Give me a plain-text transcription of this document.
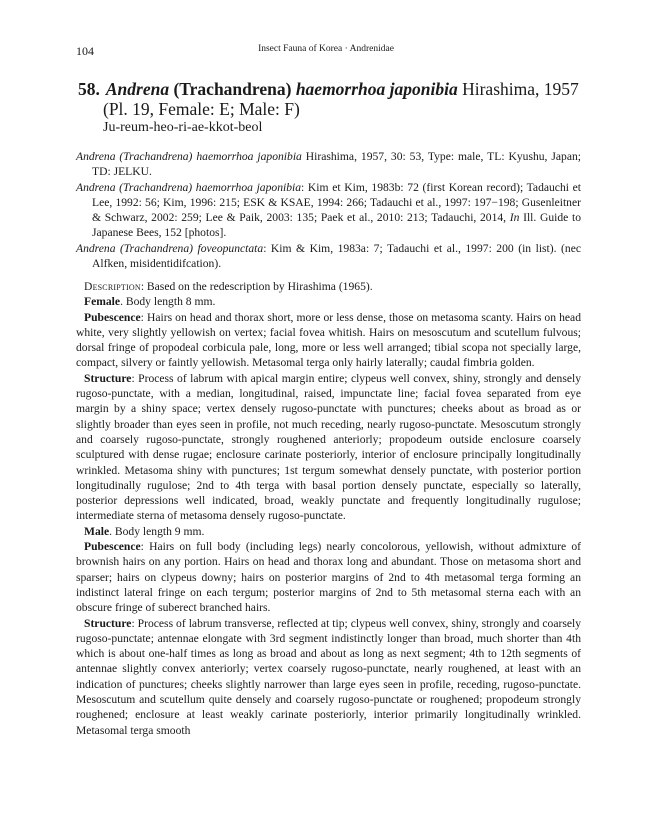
104	Insect Fauna of Korea · Andrenidae
58. Andrena (Trachandrena) haemorrhoa japonibia Hirashima, 1957
(Pl. 19, Female: E; Male: F)
Ju-reum-heo-ri-ae-kkot-beol
Andrena (Trachandrena) haemorrhoa japonibia Hirashima, 1957, 30: 53, Type: male, TL: Kyushu, Japan; TD: JELKU.
Andrena (Trachandrena) haemorrhoa japonibia: Kim et Kim, 1983b: 72 (first Korean record); Tadauchi et Lee, 1992: 56; Kim, 1996: 215; ESK & KSAE, 1994: 266; Tadauchi et al., 1997: 197−198; Gusenleitner & Schwarz, 2002: 259; Lee & Paik, 2003: 135; Paek et al., 2010: 213; Tadauchi, 2014, In Ill. Guide to Japanese Bees, 152 [photos].
Andrena (Trachandrena) foveopunctata: Kim & Kim, 1983a: 7; Tadauchi et al., 1997: 200 (in list). (nec Alfken, misidentidifcation).

Description: Based on the redescription by Hirashima (1965).

Female. Body length 8 mm.

Pubescence: Hairs on head and thorax short, more or less dense, those on metasoma scanty. Hairs on head white, very slightly yellowish on vertex; facial fovea whitish. Hairs on mesoscutum and scutellum fulvous; dorsal fringe of propodeal corbicula pale, long, more or less well arranged; tibial scopa not specially large, compact, silvery or faintly yellowish. Metasomal terga only hairly laterally; caudal fimbria golden.

Structure: Process of labrum with apical margin entire; clypeus well convex, shiny, strongly and densely rugoso-punctate, with a median, longitudinal, raised, impunctate line; facial fovea separated from eye margin by a shiny space; vertex densely rugoso-punctate with punctures; cheeks about as broad as or slightly broader than eyes seen in profile, not much receding, nearly rugoso-punctate. Mesoscutum strongly and coarsely rugoso-punctate, strongly roughened anteriorly; propodeum outside enclosure coarsely sculptured with dense rugae; enclosure carinate posteriorly, interior of enclosure principally longitudinally wrinkled. Metasoma shiny with punctures; 1st tergum somewhat densely punctate, with posterior portion longitudinally rugulose; 2nd to 4th terga with basal portion densely punctate, especially so laterally, posterior depressions well indicated, broad, weakly punctate and frequently longitudinally rugulose; intermediate sterna of metasoma densely rugoso-punctate.

Male. Body length 9 mm.

Pubescence: Hairs on full body (including legs) nearly concolorous, yellowish, without admixture of brownish hairs on any portion. Hairs on head and thorax long and abundant. Those on metasoma short and sparser; hairs on clypeus downy; hairs on posterior margins of 2nd to 4th metasomal terga forming an indistinct lateral fringe on each tergum; posterior margins of 2nd to 5th metasomal sterna each with an obscure fringe of suberect branched hairs.

Structure: Process of labrum transverse, reflected at tip; clypeus well convex, shiny, strongly and coarsely rugoso-punctate; antennae elongate with 3rd segment indistinctly longer than broad, much shorter than 4th which is about one-half times as long as broad and about as long as next segment; 4th to 12th segments of antennae slightly convex anteriorly; vertex coarsely rugoso-punctate, nearly roughened, at least with an indication of punctures; cheeks slightly narrower than large eyes seen in profile, receding, rugoso-punctate. Mesoscutum and scutellum quite densely and coarsely rugoso-punctate or roughened; propodeum strongly roughened; enclosure at least weakly carinate posteriorly, interior primarily longitudinally wrinkled. Metasomal terga smooth
